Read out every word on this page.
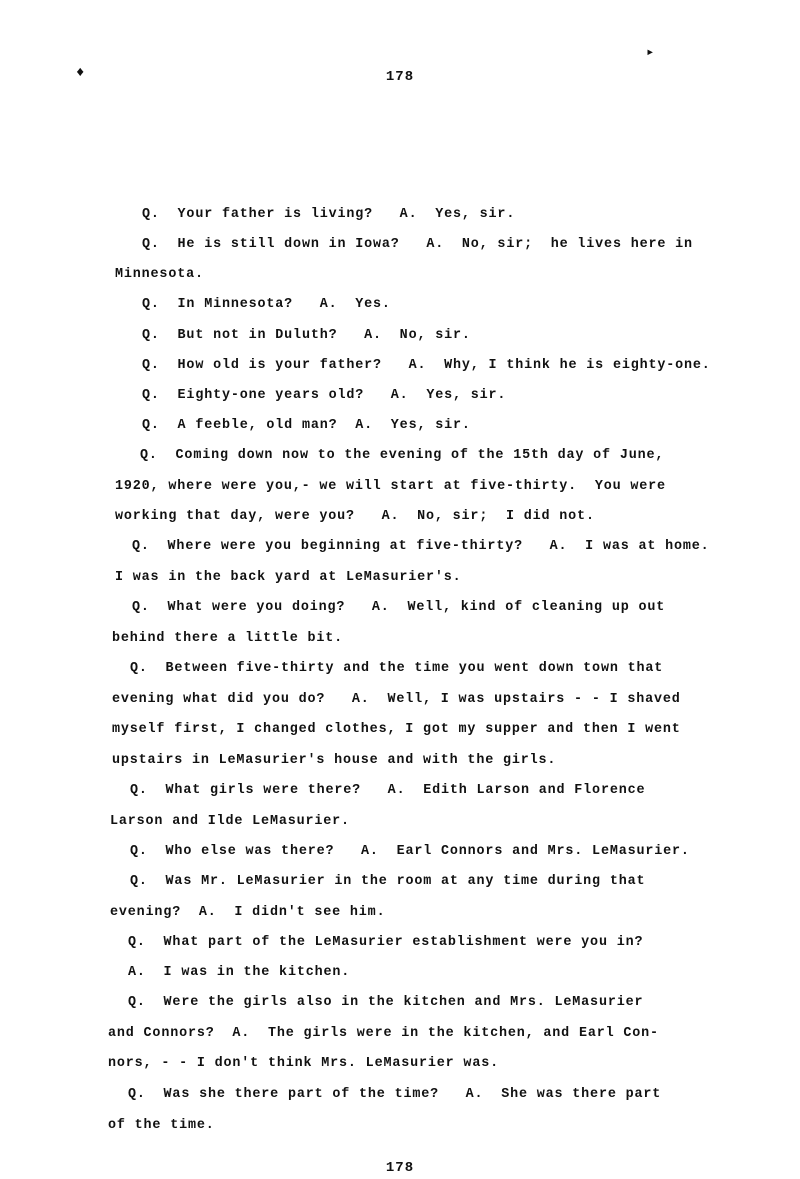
♦
▸
178
Q.  Your father is living?   A.  Yes, sir.
Q.  He is still down in Iowa?   A.  No, sir;  he lives here in
Minnesota.
Q.  In Minnesota?   A.  Yes.
Q.  But not in Duluth?   A.  No, sir.
Q.  How old is your father?   A.  Why, I think he is eighty-one.
Q.  Eighty-one years old?   A.  Yes, sir.
Q.  A feeble, old man?  A.  Yes, sir.
Q.  Coming down now to the evening of the 15th day of June,
1920, where were you,- we will start at five-thirty.  You were
working that day, were you?   A.  No, sir;  I did not.
Q.  Where were you beginning at five-thirty?   A.  I was at home.
I was in the back yard at LeMasurier's.
Q.  What were you doing?   A.  Well, kind of cleaning up out
behind there a little bit.
Q.  Between five-thirty and the time you went down town that
evening what did you do?   A.  Well, I was upstairs - - I shaved
myself first, I changed clothes, I got my supper and then I went
upstairs in LeMasurier's house and with the girls.
Q.  What girls were there?   A.  Edith Larson and Florence
Larson and Ilde LeMasurier.
Q.  Who else was there?   A.  Earl Connors and Mrs. LeMasurier.
Q.  Was Mr. LeMasurier in the room at any time during that
evening?  A.  I didn't see him.
Q.  What part of the LeMasurier establishment were you in?
A.  I was in the kitchen.
Q.  Were the girls also in the kitchen and Mrs. LeMasurier
and Connors?  A.  The girls were in the kitchen, and Earl Con-
nors, - - I don't think Mrs. LeMasurier was.
Q.  Was she there part of the time?   A.  She was there part
of the time.
178
